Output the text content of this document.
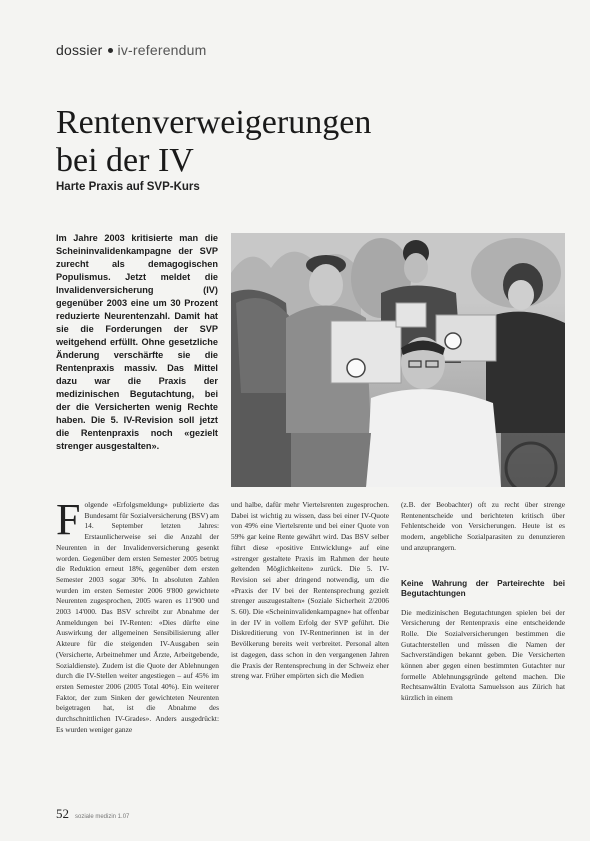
dossier iv-referendum
Rentenverweigerungen
bei der IV
Harte Praxis auf SVP-Kurs

Im Jahre 2003 kritisierte man die Scheininvalidenkampagne der SVP zurecht als demagogischen Populismus. Jetzt meldet die Invalidenversicherung (IV) gegenüber 2003 eine um 30 Prozent reduzierte Neurentenzahl. Damit hat sie die Forderungen der SVP weitgehend erfüllt. Ohne gesetzliche Änderung verschärfte sie die Rentenpraxis massiv. Das Mittel dazu war die Praxis der medizinischen Begutachtung, bei der die Versicherten wenig Rechte haben. Die 5. IV-Revision soll jetzt die Rentenpraxis noch «gezielt strenger ausgestalten».

Folgende «Erfolgsmeldung» publizierte das Bundesamt für Sozialversicherung (BSV) am 14. September letzten Jahres: Erstaunlicherweise sei die Anzahl der Neurenten in der Invalidenversicherung gesenkt worden. Gegenüber dem ersten Semester 2005 betrug die Reduktion erneut 18%, gegenüber dem ersten Semester 2003 sogar 30%. In absoluten Zahlen wurden im ersten Semester 2006 9'800 gewichtete Neurenten zugesprochen, 2005 waren es 11'900 und 2003 14'000. Das BSV schreibt zur Abnahme der Anmeldungen bei IV-Renten: «Dies dürfte eine Auswirkung der allgemeinen Sensibilisierung aller Akteure für die steigenden IV-Ausgaben sein (Versicherte, Arbeitnehmer und Ärzte, Arbeitgebende, Sozialdienste). Zudem ist die Quote der Ablehnungen durch die IV-Stellen weiter angestiegen – auf 45% im ersten Semester 2006 (2005 Total 40%). Ein weiterer Faktor, der zum Sinken der gewichteten Neurenten beigetragen hat, ist die Abnahme des durchschnittlichen IV-Grades». Anders ausgedrückt: Es wurden weniger ganze
und halbe, dafür mehr Viertelsrenten zugesprochen. Dabei ist wichtig zu wissen, dass bei einer IV-Quote von 49% eine Viertelsrente und bei einer Quote von 59% gar keine Rente gewährt wird. Das BSV selber führt diese «positive Entwicklung» auf eine «strenger gestaltete Praxis im Rahmen der heute geltenden Möglichkeiten» zurück. Die 5. IV-Revision sei aber dringend notwendig, um die «Praxis der IV bei der Rentensprechung gezielt strenger auszugestalten» (Soziale Sicherheit 2/2006 S. 60). Die «Scheininvalidenkampagne» hat offenbar in der IV in vollem Erfolg der SVP geführt. Die Diskreditierung von IV-Rentnerinnen ist in der Bevölkerung bereits weit verbreitet. Personal alten ist dagegen, dass schon in den vergangenen Jahren die Praxis der Rentensprechung in der Schweiz eher streng war. Früher empörten sich die Medien

(z.B. der Beobachter) oft zu recht über strenge Rentenentscheide und berichteten kritisch über Fehlentscheide von Versicherungen. Heute ist es modern, angebliche Sozialparasiten zu denunzieren und anzuprangern.

Keine Wahrung der Parteirechte bei Begutachtungen

Die medizinischen Begutachtungen spielen bei der Versicherung der Rentenpraxis eine entscheidende Rolle. Die Sozialversicherungen bestimmen die Gutachterstellen und müssen die Namen der Sachverständigen bekannt geben. Die Versicherten können aber gegen einen bestimmten Gutachter nur formelle Ablehnungsgründe geltend machen. Die Rechtsanwältin Evalotta Samuelsson aus Zürich hat kürzlich in einem

52 soziale medizin 1.07
